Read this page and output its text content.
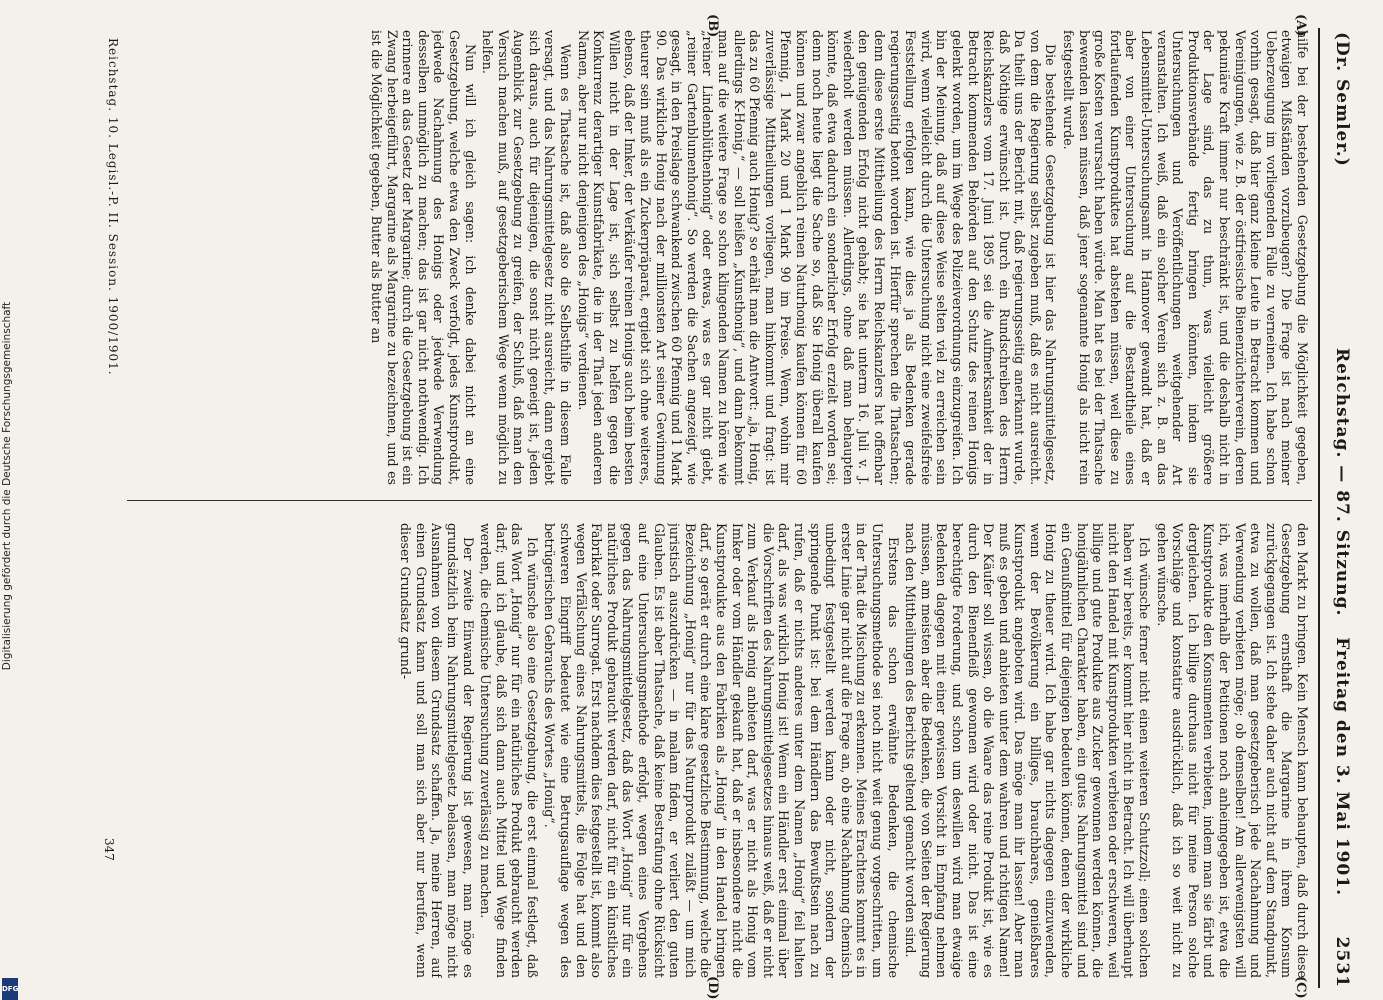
Digitalisierung gefördert durch die Deutsche Forschungsgemeinschaft
DFG
(Dr. Semler.)
Reichstag. — 87. Sitzung.   Freitag den 3. Mai 1901.
2531
(A)
(B)
(C)
(D)

hilfe bei der bestehenden Gesetzgebung die Möglichkeit gegeben, etwaigen Mißständen vorzubeugen? Die Frage ist nach meiner Ueberzeugung im vorliegenden Falle zu verneinen. Ich habe schon vorhin gesagt, daß hier ganz kleine Leute in Betracht kommen und Vereinigungen, wie z. B. der östfriesische Bienenzüchterverein, deren pekuniäre Kraft immer nur beschränkt ist, und die deshalb nicht in der Lage sind, das zu thun, was vielleicht größere Produktionsverbände fertig bringen könnten, indem sie Untersuchungen und Veröffentlichungen weitgehender Art veranstalten. Ich weiß, daß ein solcher Verein sich z. B. an das Lebensmittel-Untersuchungsamt in Hannover gewandt hat, daß er aber von einer Untersuchung auf die Bestandtheile eines fortlaufenden Kunstproduktes hat abstehen müssen, weil diese zu große Kosten verursacht haben würde. Man hat es bei der Thatsache bewenden lassen müssen, daß jener sogenannte Honig als nicht rein festgestellt wurde.

Die bestehende Gesetzgebung ist hier das Nahrungsmittelgesetz, von dem die Regierung selbst zugeben muß, daß es nicht ausreicht. Da theilt uns der Bericht mit, daß regierungsseitig anerkannt wurde, daß Nöthige erwünscht ist. Durch ein Rundschreiben des Herrn Reichskanzlers vom 17. Juni 1895 sei die Aufmerksamkeit der in Betracht kommenden Behörden auf den Schutz des reinen Honigs gelenkt worden, um im Wege des Polizeiverordnungs einzugreifen. Ich bin der Meinung, daß auf diese Weise selten viel zu erreichen sein wird, wenn vielleicht durch die Untersuchung nicht eine zweifelsfreie Feststellung erfolgen kann, wie dies ja als Bedenken gerade regierungsseitig betont worden ist. Hierfür sprechen die Thatsachen; denn diese erste Mittheilung des Herrn Reichskanzlers hat offenbar den genügenden Erfolg nicht gehabt; sie hat unterm 16. Juli v. J. wiederholt werden müssen. Allerdings, ohne daß man behaupten könnte, daß etwa dadurch ein sonderlicher Erfolg erzielt worden sei; denn noch heute liegt die Sache so, daß Sie Honig überall kaufen können und zwar angeblich reinen Naturhonig kaufen können für 60 Pfennig, 1 Mark 20 und 1 Mark 90 im Preise. Wenn, wohin mir zuverlässige Mittheilungen vorliegen, man hinkommt und fragt: ist das zu 60 Pfennig auch Honig? so erhält man die Antwort: „ja, Honig, allerdings K-Honig,“ — soll heißen „Kunsthonig“, und dann bekommt man auf die weitere Frage so schon klingenden Namen zu hören wie „reiner Lindenblüthenhonig“ oder etwas, was es gar nicht giebt, „reiner Gartenblumenhonig“. So werden die Sachen angezeigt, wie gesagt, in den Preislage schwankend zwischen 60 Pfennig und 1 Mark 90. Das wirkliche Honig nach der millionsten Art seiner Gewinnung theurer sein muß als ein Zuckerpräparat, ergiebt sich ohne weiteres, ebenso, daß der Imker, der Verkäufer reinen Honigs auch beim besten Willen nicht in der Lage ist, sich selbst zu helfen gegen die Konkurrenz derartiger Kunstfabrikate, die in der That jeden anderen Namen, aber nur nicht denjenigen des „Honigs“ verdienen.

Wenn es Thatsache ist, daß also die Selbsthilfe in diesem Falle versagt, und das Nahrungsmittelgesetz nicht ausreicht, dann ergiebt sich daraus, auch für diejenigen, die sonst nicht geneigt ist, jeden Augenblick zur Gesetzgebung zu greifen, der Schluß, daß man den Versuch machen muß, auf gesetzgeberischem Wege wenn möglich zu helfen.

Nun will ich gleich sagen: ich denke dabei nicht an eine Gesetzgebung, welche etwa den Zweck verfolgt, jedes Kunstprodukt, jedwede Nachahmung des Honigs oder jedwede Verwendung desselben unmöglich zu machen; das ist gar nicht nothwendig. Ich erinnere an das Gesetz der Margarine; durch die Gesetzgebung ist ein Zwang herbeigeführt, Margarine als Margarine zu bezeichnen, und es ist die Möglichkeit gegeben, Butter als Butter an

den Markt zu bringen. Kein Mensch kann behaupten, daß durch diese Gesetzgebung ernsthaft die Margarine in ihrem Konsum zurückgegangen ist. Ich stehe daher auch nicht auf dem Standpunkt, etwa zu wollen, daß man gesetzgeberisch jede Nachahmung und Verwendung verbieten möge; ob demselben! Am allerwenigsten will ich, was innerhalb der Petitionen noch anheimgegeben ist, etwa die Kunstprodukte den Konsumenten verbieten, indem man sie färbt und dergleichen. Ich billige durchaus nicht für meine Person solche Vorschläge und konstatire ausdrücklich, daß ich so weit nicht zu gehen wünsche.

Ich wünsche ferner nicht einen weiteren Schutzzoll; einen solchen haben wir bereits, er kommt hier nicht in Betracht. Ich will überhaupt nicht den Handel mit Kunstprodukten verbieten oder erschweren, weil billige und gute Produkte aus Zucker gewonnen werden können, die honigähnlichen Charakter haben, ein gutes Nahrungsmittel sind und ein Genußmittel für diejenigen bedeuten können, denen der wirkliche Honig zu theuer wird. Ich habe gar nichts dagegen einzuwenden, wenn der Bevölkerung ein billiges, brauchbares, genießbares Kunstprodukt angeboten wird. Das möge man ihr lassen! Aber man muß es geben und anbieten unter dem wahren und richtigen Namen! Der Käufer soll wissen, ob die Waare das reine Produkt ist, wie es durch den Bienenfleiß gewonnen wird oder nicht. Das ist eine berechtigte Forderung, und schon um deswillen wird man etwaige Bedenken dagegen mit einer gewissen Vorsicht in Empfang nehmen müssen, am meisten aber die Bedenken, die von Seiten der Regierung nach den Mittheilungen des Berichts geltend gemacht worden sind.

Erstens das schon erwähnte Bedenken, die chemische Untersuchungsmethode sei noch nicht weit genug vorgeschritten, um in der That die Mischung zu erkennen. Meines Erachtens kommt es in erster Linie gar nicht auf die Frage an, ob eine Nachahmung chemisch unbedingt festgestellt werden kann oder nicht, sondern der springende Punkt ist: bei dem Händlern das Bewußtsein nach zu rufen, daß er nichts anderes unter dem Namen „Honig“ feil halten darf, als was wirklich Honig ist! Wenn ein Händler erst einmal über die Vorschriften des Nahrungsmittelgesetzes hinaus weiß, daß er nicht zum Verkauf als Honig anbieten darf, was er nicht als Honig vom Imker oder vom Händler gekauft hat, daß er insbesondere nicht die Kunstprodukte aus den Fabriken als „Honig“ in den Handel bringen darf, so gerät er durch eine klare gesetzliche Bestimmung, welche die Bezeichnung „Honig“ nur für das Naturprodukt zuläßt — um mich juristisch auszudrücken — in malam fidem, er verliert den guten Glauben. Es ist aber Thatsache, daß keine Bestrafung ohne Rücksicht auf eine Untersuchungsmethode erfolgt, wegen eines Vergehens gegen das Nahrungsmittelgesetz, daß das Wort „Honig“ nur für ein natürliches Produkt gebraucht werden darf, nicht für ein künstliches Fabrikat oder Surrogat. Erst nachdem dies festgestellt ist, kommt also wegen Verfälschung eines Nahrungsmittels, die Folge hat und den schweren Eingriff bedeutet wie eine Betrugsauflage wegen des betrügerischen Gebrauchs des Wortes „Honig“.

Ich wünsche also eine Gesetzgebung, die erst einmal festlegt, daß das Wort „Honig“ nur für ein natürliches Produkt gebraucht werden darf; und ich glaube, daß sich dann auch Mittel und Wege finden werden, die chemische Untersuchung zuverlässig zu machen.

Der zweite Einwand der Regierung ist gewesen, man möge es grundsätzlich beim Nahrungsmittelgesetz belassen, man möge nicht Ausnahmen von diesem Grundsatz schaffen. Ja, meine Herren, auf einen Grundsatz kann und soll man sich aber nur berufen, wenn dieser Grundsatz grund-

Reichstag. 10. Legisl.-P. II. Session. 1900/1901.
347
